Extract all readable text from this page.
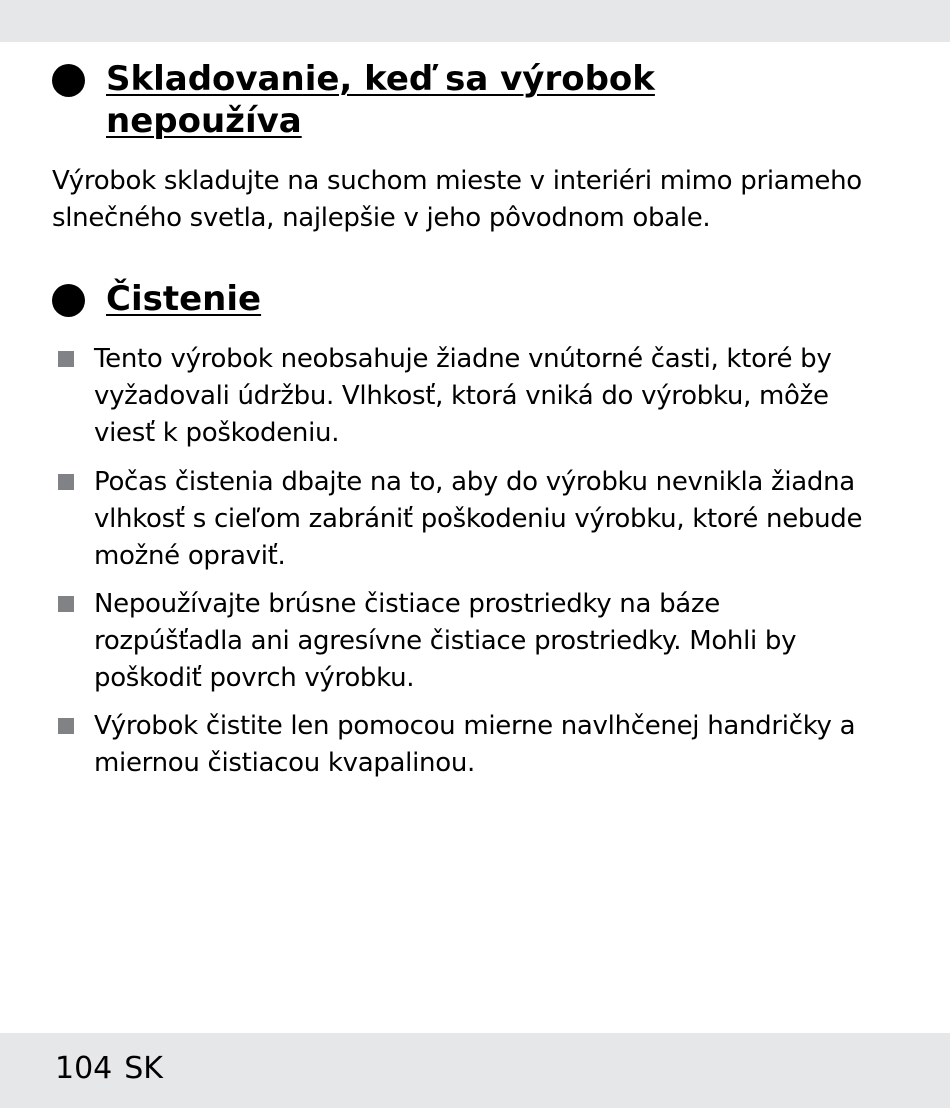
Skladovanie, keď sa výrobok
nepoužíva

Výrobok skladujte na suchom mieste v interiéri mimo priameho
slnečného svetla, najlepšie v jeho pôvodnom obale.

Čistenie
Tento výrobok neobsahuje žiadne vnútorné časti, ktoré by
vyžadovali údržbu. Vlhkosť, ktorá vniká do výrobku, môže
viesť k poškodeniu.
Počas čistenia dbajte na to, aby do výrobku nevnikla žiadna
vlhkosť s cieľom zabrániť poškodeniu výrobku, ktoré nebude
možné opraviť.
Nepoužívajte brúsne čistiace prostriedky na báze
rozpúšťadla ani agresívne čistiace prostriedky. Mohli by
poškodiť povrch výrobku.
Výrobok čistite len pomocou mierne navlhčenej handričky a
miernou čistiacou kvapalinou.
104 SK
